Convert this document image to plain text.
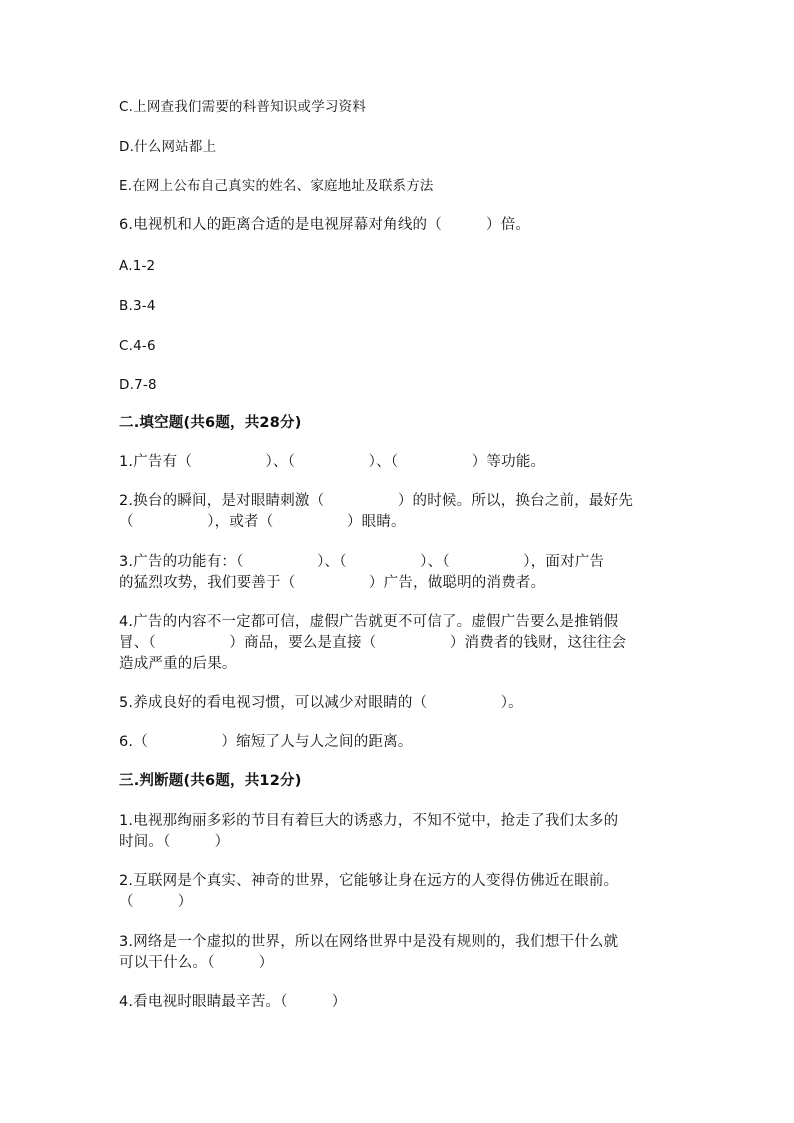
C.上网查我们需要的科普知识或学习资料
D.什么网站都上
E.在网上公布自己真实的姓名、家庭地址及联系方法
6.电视机和人的距离合适的是电视屏幕对角线的（　　　）倍。
A.1-2
B.3-4
C.4-6
D.7-8
二.填空题(共6题，共28分)
1.广告有（　　　　　）、（　　　　　）、（　　　　　）等功能。
2.换台的瞬间，是对眼睛刺激（　　　　　）的时候。所以，换台之前，最好先
（　　　　　），或者（　　　　　）眼睛。
3.广告的功能有：（　　　　　）、（　　　　　）、（　　　　　），面对广告
的猛烈攻势，我们要善于（　　　　　）广告，做聪明的消费者。
4.广告的内容不一定都可信，虚假广告就更不可信了。虚假广告要么是推销假
冒、（　　　　　）商品，要么是直接（　　　　　）消费者的钱财，这往往会
造成严重的后果。
5.养成良好的看电视习惯，可以减少对眼睛的（　　　　　）。
6.（　　　　　）缩短了人与人之间的距离。
三.判断题(共6题，共12分)
1.电视那绚丽多彩的节目有着巨大的诱惑力，不知不觉中，抢走了我们太多的
时间。（　　　）
2.互联网是个真实、神奇的世界，它能够让身在远方的人变得仿佛近在眼前。
（　　　）
3.网络是一个虚拟的世界，所以在网络世界中是没有规则的，我们想干什么就
可以干什么。（　　　）
4.看电视时眼睛最辛苦。（　　　）
